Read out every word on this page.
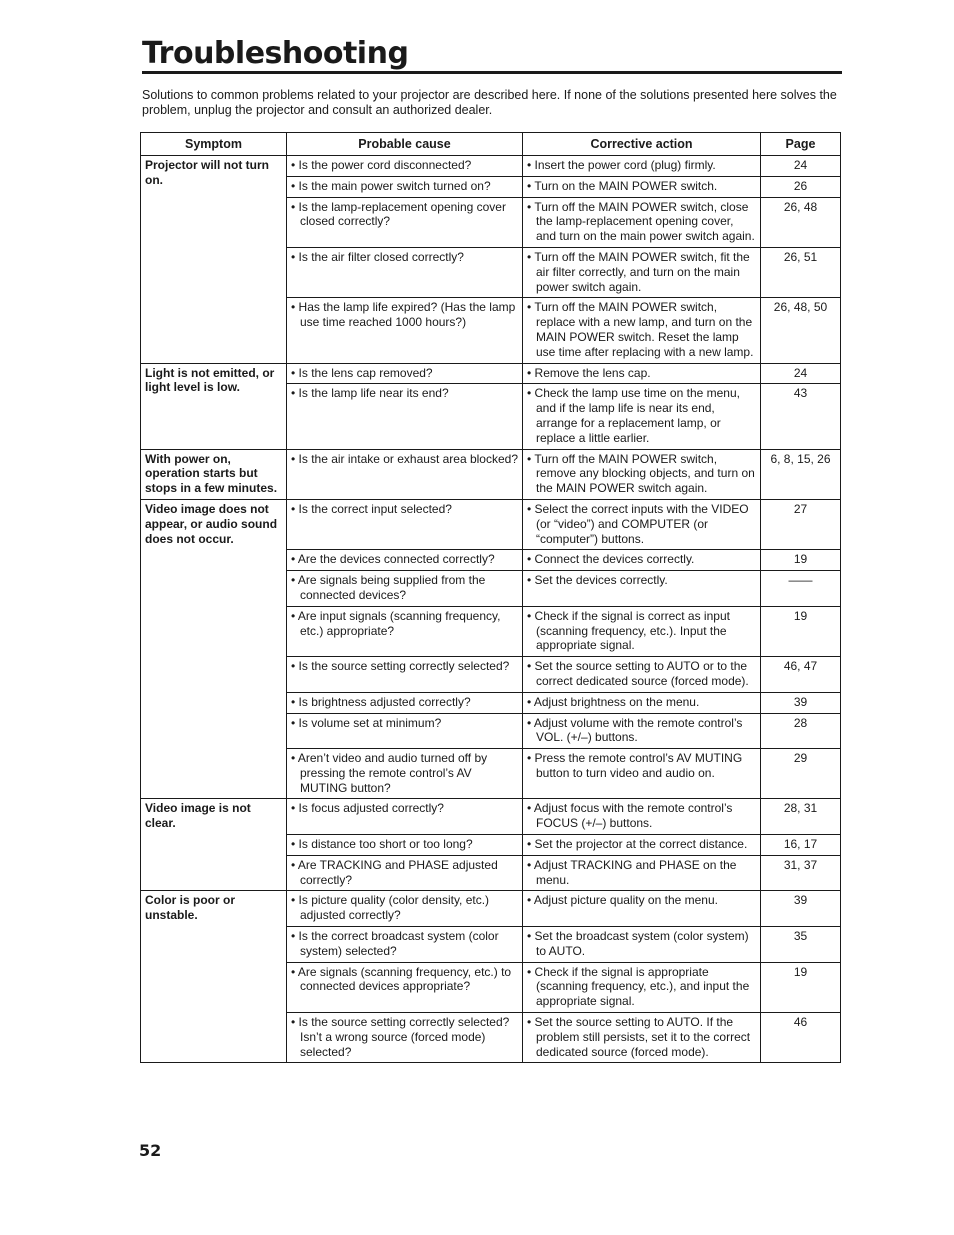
Troubleshooting

Solutions to common problems related to your projector are described here. If none of the solutions presented here solves the problem, unplug the projector and consult an authorized dealer.

Symptom	Probable cause	Corrective action	Page
Projector will not turn on.	• Is the power cord disconnected?	• Insert the power cord (plug) firmly.	24

	• Is the main power switch turned on?	• Turn on the MAIN POWER switch.	26

	• Is the lamp-replacement opening cover closed correctly?	• Turn off the MAIN POWER switch, close the lamp-replacement opening cover, and turn on the main power switch again.	26, 48

	• Is the air filter closed correctly?	• Turn off the MAIN POWER switch, fit the air filter correctly, and turn on the main power switch again.	26, 51

	• Has the lamp life expired? (Has the lamp use time reached 1000 hours?)	• Turn off the MAIN POWER switch, replace with a new lamp, and turn on the MAIN POWER switch. Reset the lamp use time after replacing with a new lamp.	26, 48, 50
Light is not emitted, or light level is low.	• Is the lens cap removed?	• Remove the lens cap.	24

	• Is the lamp life near its end?	• Check the lamp use time on the menu, and if the lamp life is near its end, arrange for a replacement lamp, or replace a little earlier.	43
With power on, operation starts but stops in a few minutes.	• Is the air intake or exhaust area blocked?	• Turn off the MAIN POWER switch, remove any blocking objects, and turn on the MAIN POWER switch again.	6, 8, 15, 26
Video image does not appear, or audio sound does not occur.	• Is the correct input selected?	• Select the correct inputs with the VIDEO (or “video”) and COMPUTER (or “computer”) buttons.	27

	• Are the devices connected correctly?	• Connect the devices correctly.	19

	• Are signals being supplied from the connected devices?	• Set the devices correctly.	——

	• Are input signals (scanning frequency, etc.) appropriate?	• Check if the signal is correct as input (scanning frequency, etc.). Input the appropriate signal.	19

	• Is the source setting correctly selected?	• Set the source setting to AUTO or to the correct dedicated source (forced mode).	46, 47

	• Is brightness adjusted correctly?	• Adjust brightness on the menu.	39

	• Is volume set at minimum?	• Adjust volume with the remote control’s VOL. (+/–) buttons.	28

	• Aren’t video and audio turned off by pressing the remote control’s AV MUTING button?	• Press the remote control’s AV MUTING button to turn video and audio on.	29
Video image is not clear.	• Is focus adjusted correctly?	• Adjust focus with the remote control’s FOCUS (+/–) buttons.	28, 31

	• Is distance too short or too long?	• Set the projector at the correct distance.	16, 17

	• Are TRACKING and PHASE adjusted correctly?	• Adjust TRACKING and PHASE on the menu.	31, 37
Color is poor or unstable.	• Is picture quality (color density, etc.) adjusted correctly?	• Adjust picture quality on the menu.	39

	• Is the correct broadcast system (color system) selected?	• Set the broadcast system (color system) to AUTO.	35

	• Are signals (scanning frequency, etc.) to connected devices appropriate?	• Check if the signal is appropriate (scanning frequency, etc.), and input the appropriate signal.	19

	• Is the source setting correctly selected? Isn’t a wrong source (forced mode) selected?	• Set the source setting to AUTO. If the problem still persists, set it to the correct dedicated source (forced mode).	46

52
